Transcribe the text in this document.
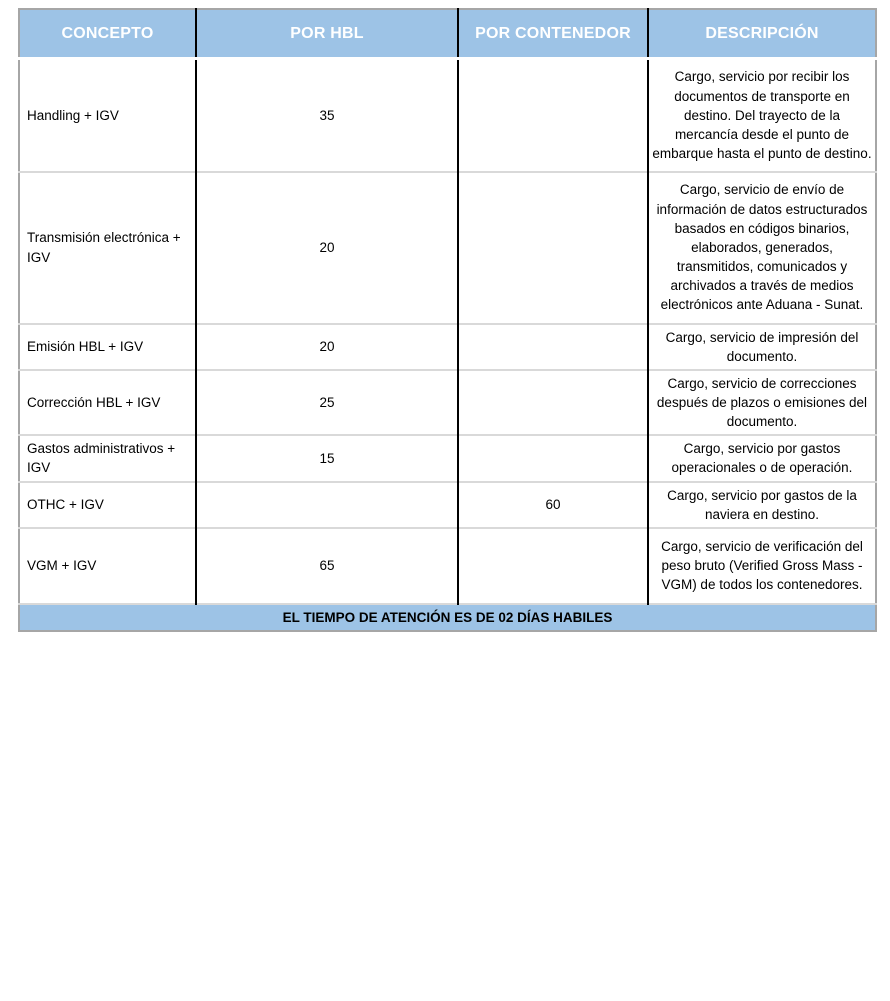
CONCEPTO	POR HBL	POR CONTENEDOR	DESCRIPCIÓN
Handling + IGV	35		Cargo, servicio por recibir los documentos de transporte en destino. Del trayecto de la mercancía desde el punto de embarque hasta el punto de destino.
Transmisión electrónica + IGV	20		Cargo, servicio de envío de información de datos estructurados basados en códigos binarios, elaborados, generados, transmitidos, comunicados y archivados a través de medios electrónicos ante Aduana - Sunat.
Emisión HBL + IGV	20		Cargo, servicio de impresión del documento.
Corrección HBL + IGV	25		Cargo, servicio de correcciones después de plazos o emisiones del documento.
Gastos administrativos + IGV	15		Cargo, servicio por gastos operacionales o de operación.
OTHC + IGV		60	Cargo, servicio por gastos de la naviera en destino.
VGM + IGV	65		Cargo, servicio de verificación del peso bruto (Verified Gross Mass - VGM) de todos los contenedores.
EL TIEMPO DE ATENCIÓN ES DE 02 DÍAS HABILES			
